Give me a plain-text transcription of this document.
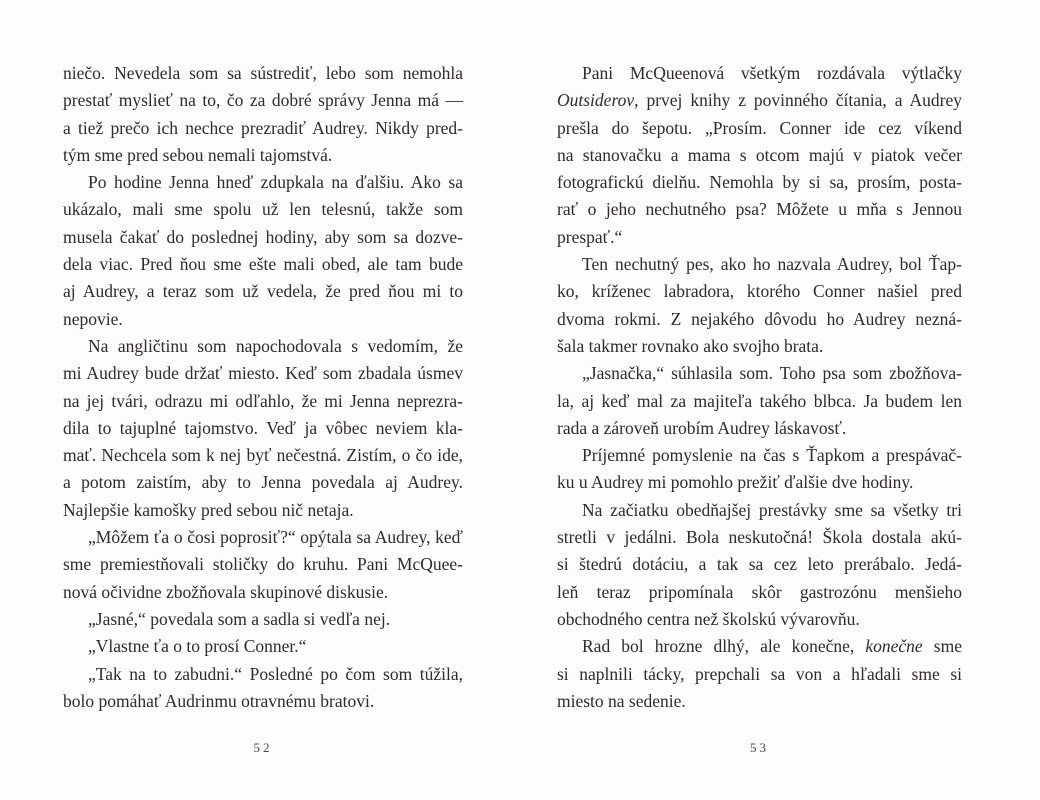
niečo. Nevedela som sa sústrediť, lebo som nemohla
prestať myslieť na to, čo za dobré správy Jenna má —
a tiež prečo ich nechce prezradiť Audrey. Nikdy pred-
tým sme pred sebou nemali tajomstvá.
Po hodine Jenna hneď zdupkala na ďalšiu. Ako sa
ukázalo, mali sme spolu už len telesnú, takže som
musela čakať do poslednej hodiny, aby som sa dozve-
dela viac. Pred ňou sme ešte mali obed, ale tam bude
aj Audrey, a teraz som už vedela, že pred ňou mi to
nepovie.
Na angličtinu som napochodovala s vedomím, že
mi Audrey bude držať miesto. Keď som zbadala úsmev
na jej tvári, odrazu mi odľahlo, že mi Jenna neprezra-
dila to tajuplné tajomstvo. Veď ja vôbec neviem kla-
mať. Nechcela som k nej byť nečestná. Zistím, o čo ide,
a potom zaistím, aby to Jenna povedala aj Audrey.
Najlepšie kamošky pred sebou nič netaja.
„Môžem ťa o čosi poprosiť?“ opýtala sa Audrey, keď
sme premiestňovali stoličky do kruhu. Pani McQuee-
nová očividne zbožňovala skupinové diskusie.
„Jasné,“ povedala som a sadla si vedľa nej.
„Vlastne ťa o to prosí Conner.“
„Tak na to zabudni.“ Posledné po čom som túžila,
bolo pomáhať Audrinmu otravnému bratovi.
Pani McQueenová všetkým rozdávala výtlačky
Outsiderov, prvej knihy z povinného čítania, a Audrey
prešla do šepotu. „Prosím. Conner ide cez víkend
na stanovačku a mama s otcom majú v piatok večer
fotografickú dielňu. Nemohla by si sa, prosím, posta-
rať o jeho nechutného psa? Môžete u mňa s Jennou
prespať.“
Ten nechutný pes, ako ho nazvala Audrey, bol Ťap-
ko, kríženec labradora, ktorého Conner našiel pred
dvoma rokmi. Z nejakého dôvodu ho Audrey nezná-
šala takmer rovnako ako svojho brata.
„Jasnačka,“ súhlasila som. Toho psa som zbožňova-
la, aj keď mal za majiteľa takého blbca. Ja budem len
rada a zároveň urobím Audrey láskavosť.
Príjemné pomyslenie na čas s Ťapkom a prespávač-
ku u Audrey mi pomohlo prežiť ďalšie dve hodiny.
Na začiatku obedňajšej prestávky sme sa všetky tri
stretli v jedálni. Bola neskutočná! Škola dostala akú-
si štedrú dotáciu, a tak sa cez leto prerábalo. Jedá-
leň teraz pripomínala skôr gastrozónu menšieho
obchodného centra než školskú vývarovňu.
Rad bol hrozne dlhý, ale konečne, konečne sme
si naplnili tácky, prepchali sa von a hľadali sme si
miesto na sedenie.
52	53
